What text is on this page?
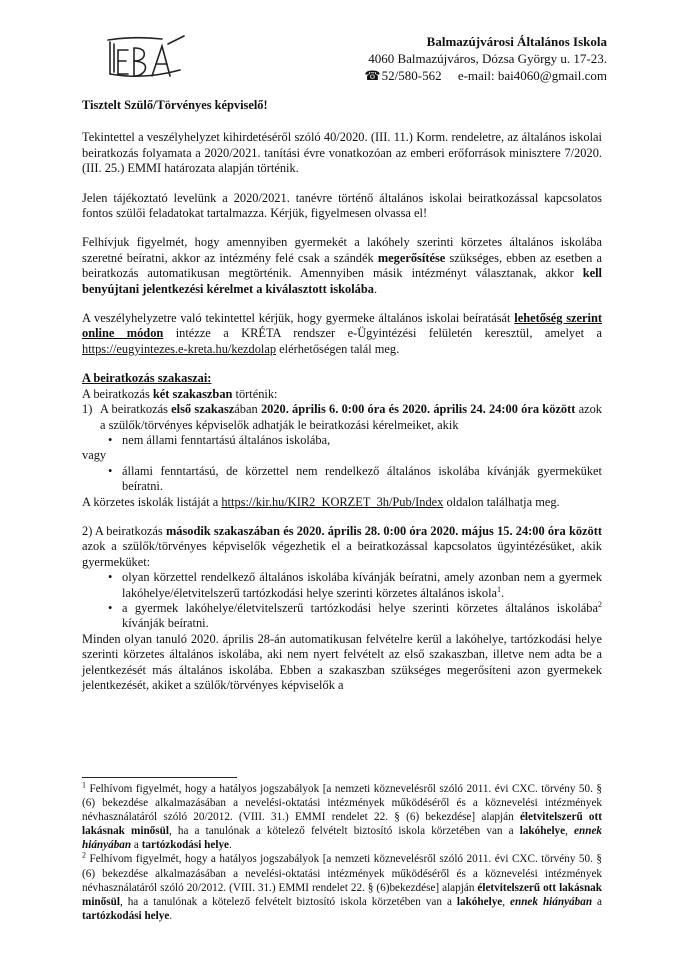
Balmazújvárosi Általános Iskola
4060 Balmazújváros, Dózsa György u. 17-23.
☎ 52/580-562 e-mail: bai4060@gmail.com

Tisztelt Szülő/Törvényes képviselő!

Tekintettel a veszélyhelyzet kihirdetéséről szóló 40/2020. (III. 11.) Korm. rendeletre, az általános iskolai beiratkozás folyamata a 2020/2021. tanítási évre vonatkozóan az emberi erőforrások minisztere 7/2020. (III. 25.) EMMI határozata alapján történik.

Jelen tájékoztató levelünk a 2020/2021. tanévre történő általános iskolai beiratkozással kapcsolatos fontos szülői feladatokat tartalmazza. Kérjük, figyelmesen olvassa el!

Felhívjuk figyelmét, hogy amennyiben gyermekét a lakóhely szerinti körzetes általános iskolába szeretné beíratni, akkor az intézmény felé csak a szándék megerősítése szükséges, ebben az esetben a beiratkozás automatikusan megtörténik. Amennyiben másik intézményt választanak, akkor kell benyújtani jelentkezési kérelmet a kiválasztott iskolába.

A veszélyhelyzetre való tekintettel kérjük, hogy gyermeke általános iskolai beíratását lehetőség szerint online módon intézze a KRÉTA rendszer e-Ügyintézési felületén keresztül, amelyet a https://eugyintezes.e-kreta.hu/kezdolap elérhetőségen talál meg.

A beiratkozás szakaszai:

A beiratkozás két szakaszban történik:

1) A beiratkozás első szakaszában 2020. április 6. 0:00 óra és 2020. április 24. 24:00 óra között azok a szülők/törvényes képviselők adhatják le beiratkozási kérelmeiket, akik
• nem állami fenntartású általános iskolába,

vagy

• állami fenntartású, de körzettel nem rendelkező általános iskolába kívánják gyermeküket beíratni.

A körzetes iskolák listáját a https://kir.hu/KIR2_KORZET_3h/Pub/Index oldalon találhatja meg.

2) A beiratkozás második szakaszában és 2020. április 28. 0:00 óra 2020. május 15. 24:00 óra között azok a szülők/törvényes képviselők végezhetik el a beiratkozással kapcsolatos ügyintézésüket, akik gyermeküket:

• olyan körzettel rendelkező általános iskolába kívánják beíratni, amely azonban nem a gyermek lakóhelye/életvitelszerű tartózkodási helye szerinti körzetes általános iskola$^1$.
• a gyermek lakóhelye/életvitelszerű tartózkodási helye szerinti körzetes általános iskolába$^2$ kívánják beíratni.

Minden olyan tanuló 2020. április 28-án automatikusan felvételre kerül a lakóhelye, tartózkodási helye szerinti körzetes általános iskolába, aki nem nyert felvételt az első szakaszban, illetve nem adta be a jelentkezését más általános iskolába. Ebben a szakaszban szükséges megerősíteni azon gyermekek jelentkezését, akiket a szülők/törvényes képviselők a

$^1$ Felhívom figyelmét, hogy a hatályos jogszabályok [a nemzeti köznevelésről szóló 2011. évi CXC. törvény 50. § (6) bekezdése alkalmazásában a nevelési-oktatási intézmények működéséről és a köznevelési intézmények névhasználatáról szóló 20/2012. (VIII. 31.) EMMI rendelet 22. § (6) bekezdése] alapján életvitelszerű ott lakásnak minősül, ha a tanulónak a kötelező felvételt biztosító iskola körzetében van a lakóhelye, ennek hiányában a tartózkodási helye.

$^2$ Felhívom figyelmét, hogy a hatályos jogszabályok [a nemzeti köznevelésről szóló 2011. évi CXC. törvény 50. § (6) bekezdése alkalmazásában a nevelési-oktatási intézmények működéséről és a köznevelési intézmények névhasználatáról szóló 20/2012. (VIII. 31.) EMMI rendelet 22. § (6)bekezdése] alapján életvitelszerű ott lakásnak minősül, ha a tanulónak a kötelező felvételt biztosító iskola körzetében van a lakóhelye, ennek hiányában a tartózkodási helye.
